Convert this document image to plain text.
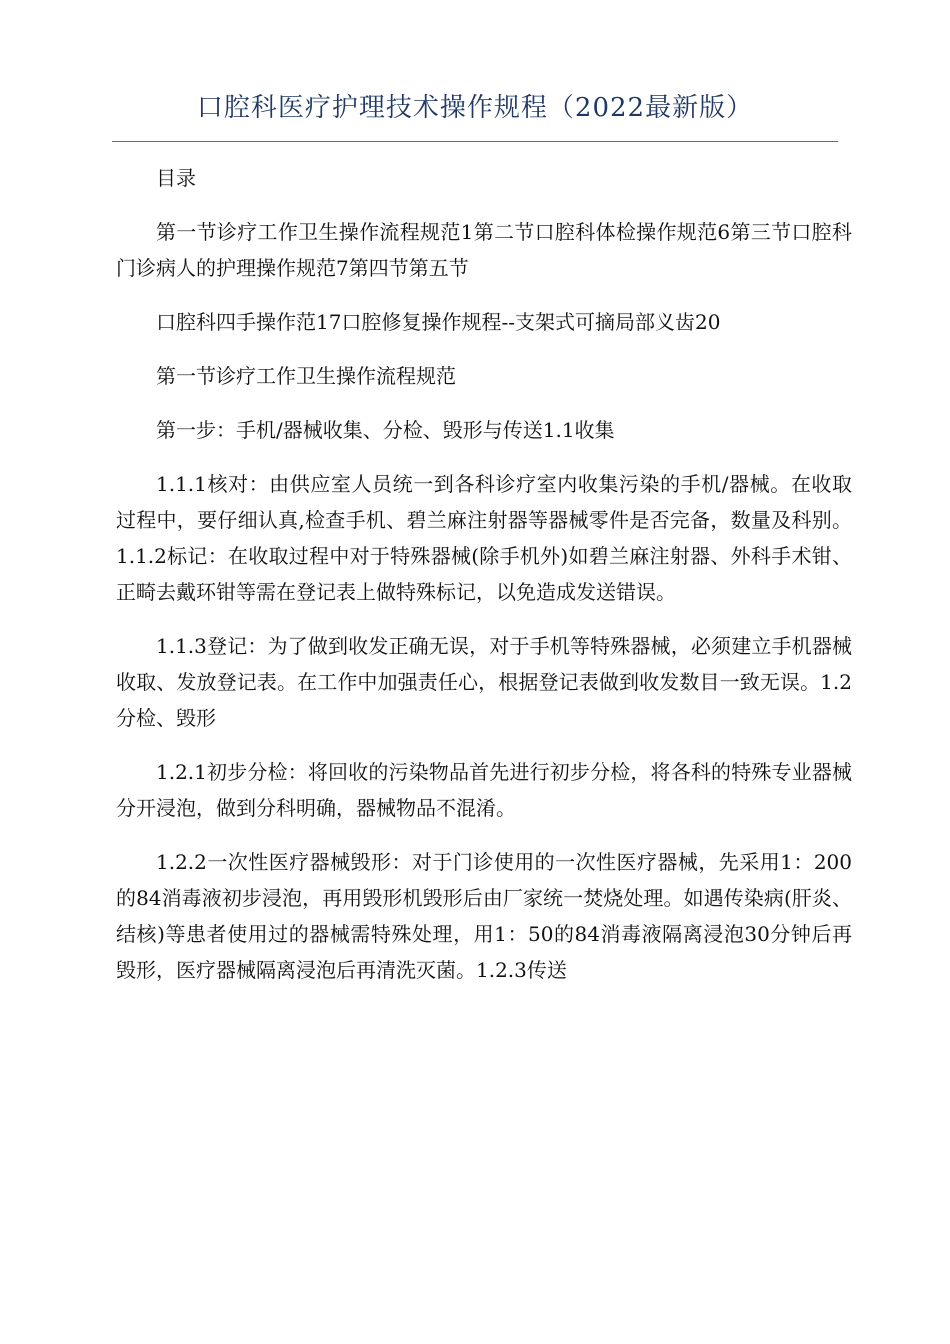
口腔科医疗护理技术操作规程（2022最新版）

目录

第一节诊疗工作卫生操作流程规范1第二节口腔科体检操作规范6第三节口腔科门诊病人的护理操作规范7第四节第五节

口腔科四手操作范17口腔修复操作规程--支架式可摘局部义齿20

第一节诊疗工作卫生操作流程规范

第一步：手机/器械收集、分检、毁形与传送1.1收集

1.1.1核对：由供应室人员统一到各科诊疗室内收集污染的手机/器械。在收取过程中，要仔细认真,检查手机、碧兰麻注射器等器械零件是否完备，数量及科别。1.1.2标记：在收取过程中对于特殊器械(除手机外)如碧兰麻注射器、外科手术钳、正畸去戴环钳等需在登记表上做特殊标记，以免造成发送错误。

1.1.3登记：为了做到收发正确无误，对于手机等特殊器械，必须建立手机器械收取、发放登记表。在工作中加强责任心，根据登记表做到收发数目一致无误。1.2分检、毁形

1.2.1初步分检：将回收的污染物品首先进行初步分检，将各科的特殊专业器械分开浸泡，做到分科明确，器械物品不混淆。

1.2.2一次性医疗器械毁形：对于门诊使用的一次性医疗器械，先采用1：200的84消毒液初步浸泡，再用毁形机毁形后由厂家统一焚烧处理。如遇传染病(肝炎、结核)等患者使用过的器械需特殊处理，用1：50的84消毒液隔离浸泡30分钟后再毁形，医疗器械隔离浸泡后再清洗灭菌。1.2.3传送
